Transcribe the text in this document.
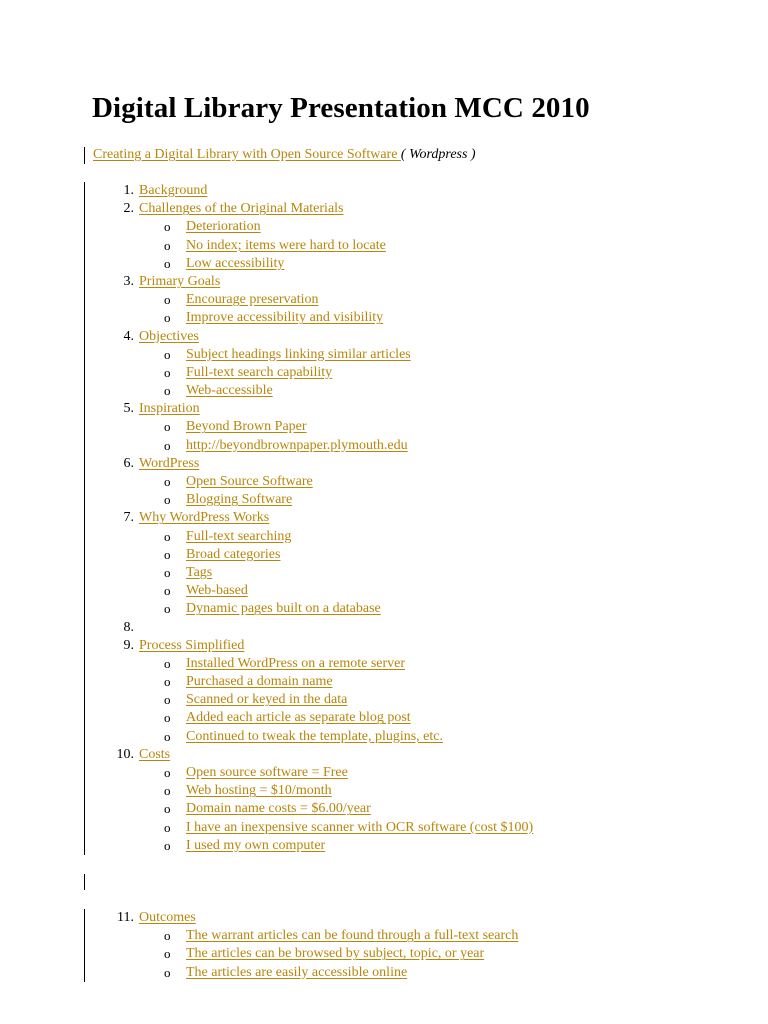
Digital Library Presentation MCC 2010
Creating a Digital Library with Open Source Software ( Wordpress )
1. Background
2. Challenges of the Original Materials
o Deterioration
o No index; items were hard to locate
o Low accessibility
3. Primary Goals
o Encourage preservation
o Improve accessibility and visibility
4. Objectives
o Subject headings linking similar articles
o Full-text search capability
o Web-accessible
5. Inspiration
o Beyond Brown Paper
o http://beyondbrownpaper.plymouth.edu
6. WordPress
o Open Source Software
o Blogging Software
7. Why WordPress Works
o Full-text searching
o Broad categories
o Tags
o Web-based
o Dynamic pages built on a database
8.
9. Process Simplified
o Installed WordPress on a remote server
o Purchased a domain name
o Scanned or keyed in the data
o Added each article as separate blog post
o Continued to tweak the template, plugins, etc.
10. Costs
o Open source software = Free
o Web hosting = $10/month
o Domain name costs = $6.00/year
o I have an inexpensive scanner with OCR software (cost $100)
o I used my own computer
11. Outcomes
o The warrant articles can be found through a full-text search
o The articles can be browsed by subject, topic, or year
o The articles are easily accessible online
